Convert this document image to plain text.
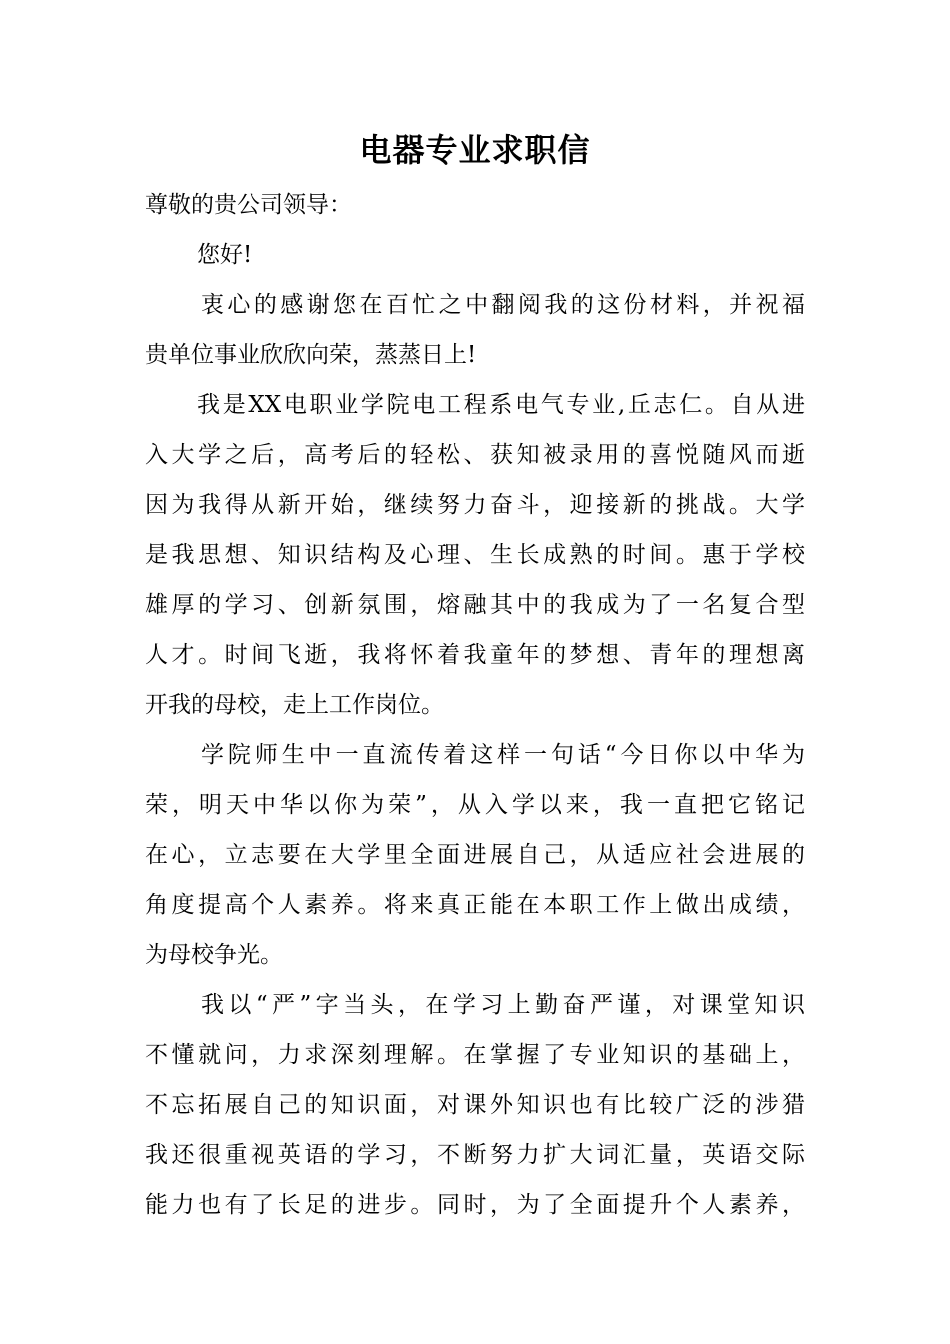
电器专业求职信
尊敬的贵公司领导：
您好!
衷心的感谢您在百忙之中翻阅我的这份材料，并祝福
贵单位事业欣欣向荣，蒸蒸日上!
我是XX电职业学院电工程系电气专业,丘志仁。自从进
入大学之后，高考后的轻松、获知被录用的喜悦随风而逝
因为我得从新开始，继续努力奋斗，迎接新的挑战。大学
是我思想、知识结构及心理、生长成熟的时间。惠于学校
雄厚的学习、创新氛围，熔融其中的我成为了一名复合型
人才。时间飞逝，我将怀着我童年的梦想、青年的理想离
开我的母校，走上工作岗位。
学院师生中一直流传着这样一句话“今日你以中华为
荣，明天中华以你为荣”，从入学以来，我一直把它铭记
在心，立志要在大学里全面进展自己，从适应社会进展的
角度提高个人素养。将来真正能在本职工作上做出成绩，
为母校争光。
我以“严”字当头，在学习上勤奋严谨，对课堂知识
不懂就问，力求深刻理解。在掌握了专业知识的基础上，
不忘拓展自己的知识面，对课外知识也有比较广泛的涉猎
我还很重视英语的学习，不断努力扩大词汇量，英语交际
能力也有了长足的进步。同时，为了全面提升个人素养，
